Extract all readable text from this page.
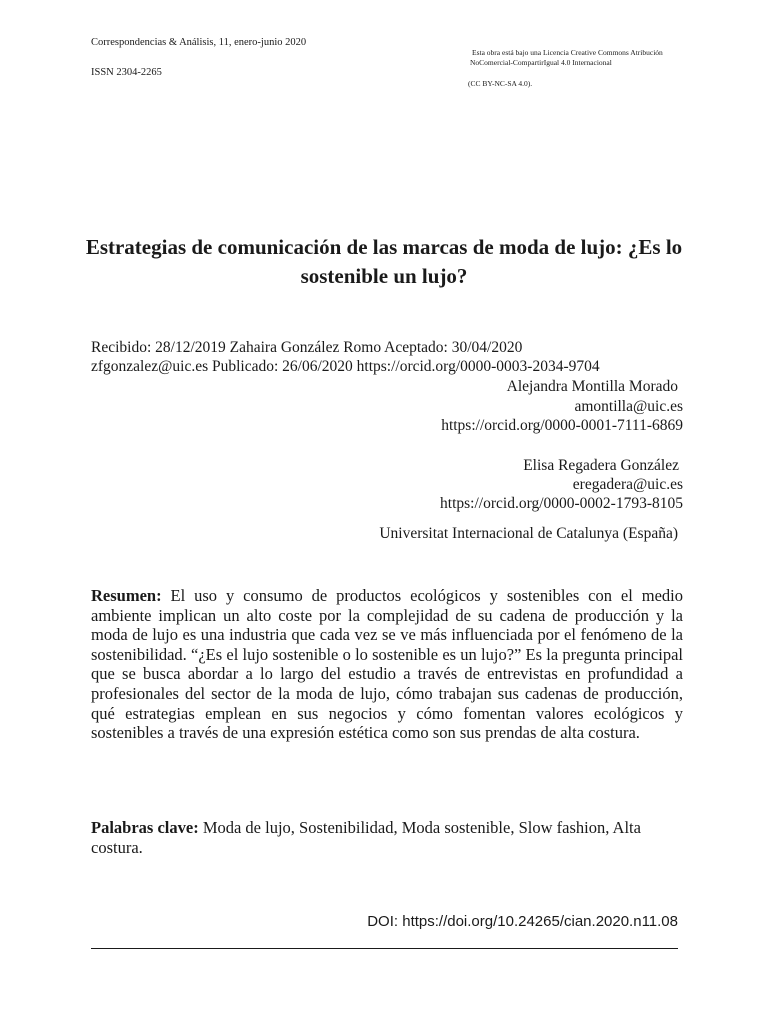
Correspondencias & Análisis, 11, enero-junio 2020
ISSN 2304-2265
Esta obra está bajo una Licencia Creative Commons Atribución
NoComercial-CompartirIgual 4.0 Internacional
(CC BY-NC-SA 4.0).
Estrategias de comunicación de las marcas de moda de lujo: ¿Es lo sostenible un lujo?
Recibido: 28/12/2019 Zahaira González Romo Aceptado: 30/04/2020
zfgonzalez@uic.es Publicado: 26/06/2020 https://orcid.org/0000-0003-2034-9704
Alejandra Montilla Morado
amontilla@uic.es
https://orcid.org/0000-0001-7111-6869
Elisa Regadera González
eregadera@uic.es
https://orcid.org/0000-0002-1793-8105
Universitat Internacional de Catalunya (España)
Resumen: El uso y consumo de productos ecológicos y sostenibles con el medio ambiente implican un alto coste por la complejidad de su cadena de producción y la moda de lujo es una industria que cada vez se ve más influenciada por el fenómeno de la sostenibilidad. “¿Es el lujo sostenible o lo sostenible es un lujo?” Es la pregunta principal que se busca abordar a lo largo del estudio a través de entrevistas en profundidad a profesionales del sector de la moda de lujo, cómo trabajan sus cadenas de producción, qué estrategias emplean en sus negocios y cómo fomentan valores ecológicos y sostenibles a través de una expresión estética como son sus prendas de alta costura.
Palabras clave: Moda de lujo, Sostenibilidad, Moda sostenible, Slow fashion, Alta costura.
DOI: https://doi.org/10.24265/cian.2020.n11.08
